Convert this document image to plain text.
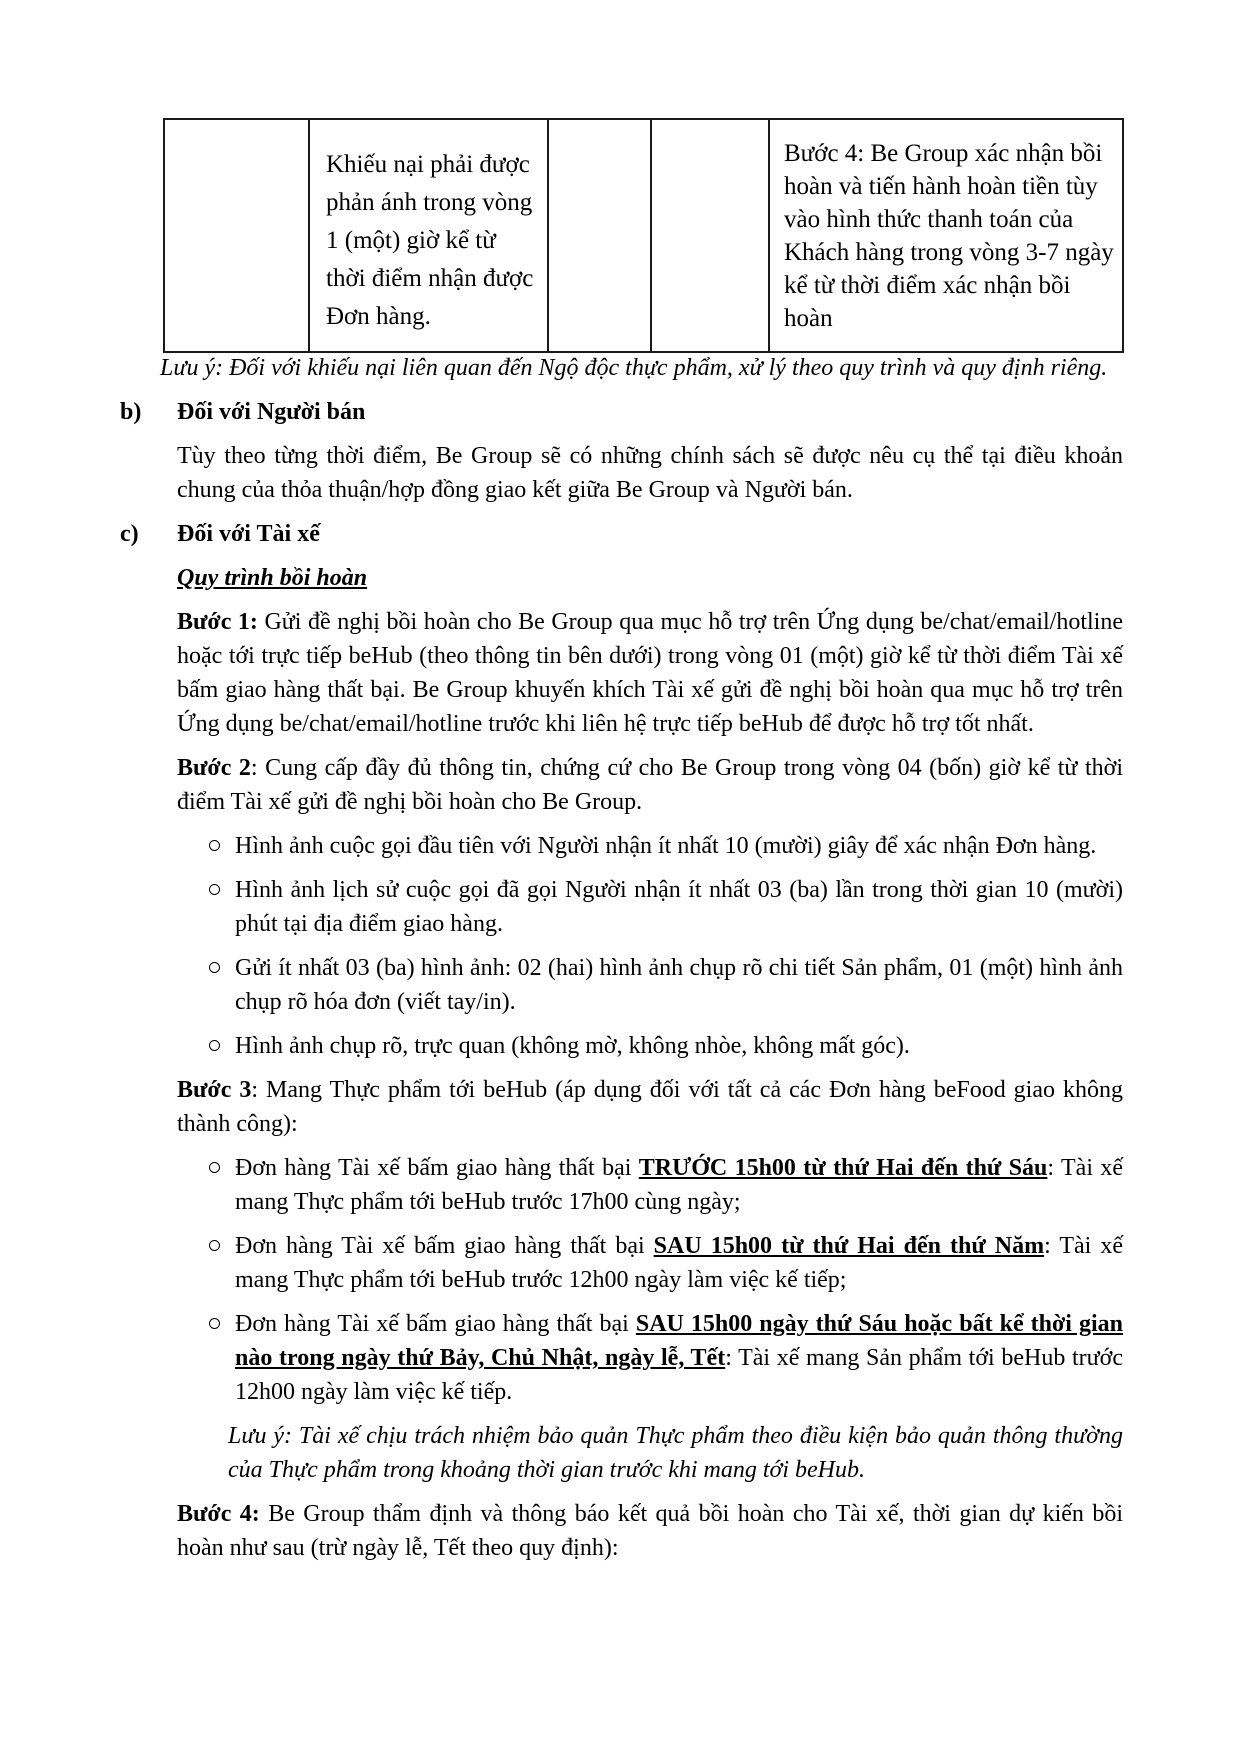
	Khiếu nại phải được phản ánh trong vòng 1 (một) giờ kể từ thời điểm nhận được Đơn hàng.			Bước 4: Be Group xác nhận bồi hoàn và tiến hành hoàn tiền tùy vào hình thức thanh toán của Khách hàng trong vòng 3-7 ngày kể từ thời điểm xác nhận bồi hoàn

Lưu ý: Đối với khiếu nại liên quan đến Ngộ độc thực phẩm, xử lý theo quy trình và quy định riêng.

b) Đối với Người bán

Tùy theo từng thời điểm, Be Group sẽ có những chính sách sẽ được nêu cụ thể tại điều khoản chung của thỏa thuận/hợp đồng giao kết giữa Be Group và Người bán.

c) Đối với Tài xế

Quy trình bồi hoàn

Bước 1: Gửi đề nghị bồi hoàn cho Be Group qua mục hỗ trợ trên Ứng dụng be/chat/email/hotline hoặc tới trực tiếp beHub (theo thông tin bên dưới) trong vòng 01 (một) giờ kể từ thời điểm Tài xế bấm giao hàng thất bại. Be Group khuyến khích Tài xế gửi đề nghị bồi hoàn qua mục hỗ trợ trên Ứng dụng be/chat/email/hotline trước khi liên hệ trực tiếp beHub để được hỗ trợ tốt nhất.

Bước 2: Cung cấp đầy đủ thông tin, chứng cứ cho Be Group trong vòng 04 (bốn) giờ kể từ thời điểm Tài xế gửi đề nghị bồi hoàn cho Be Group.

Hình ảnh cuộc gọi đầu tiên với Người nhận ít nhất 10 (mười) giây để xác nhận Đơn hàng.
Hình ảnh lịch sử cuộc gọi đã gọi Người nhận ít nhất 03 (ba) lần trong thời gian 10 (mười) phút tại địa điểm giao hàng.
Gửi ít nhất 03 (ba) hình ảnh: 02 (hai) hình ảnh chụp rõ chi tiết Sản phẩm, 01 (một) hình ảnh chụp rõ hóa đơn (viết tay/in).
Hình ảnh chụp rõ, trực quan (không mờ, không nhòe, không mất góc).

Bước 3: Mang Thực phẩm tới beHub (áp dụng đối với tất cả các Đơn hàng beFood giao không thành công):

Đơn hàng Tài xế bấm giao hàng thất bại TRƯỚC 15h00 từ thứ Hai đến thứ Sáu: Tài xế mang Thực phẩm tới beHub trước 17h00 cùng ngày;
Đơn hàng Tài xế bấm giao hàng thất bại SAU 15h00 từ thứ Hai đến thứ Năm: Tài xế mang Thực phẩm tới beHub trước 12h00 ngày làm việc kế tiếp;
Đơn hàng Tài xế bấm giao hàng thất bại SAU 15h00 ngày thứ Sáu hoặc bất kể thời gian nào trong ngày thứ Bảy, Chủ Nhật, ngày lễ, Tết: Tài xế mang Sản phẩm tới beHub trước 12h00 ngày làm việc kế tiếp.

Lưu ý: Tài xế chịu trách nhiệm bảo quản Thực phẩm theo điều kiện bảo quản thông thường của Thực phẩm trong khoảng thời gian trước khi mang tới beHub.

Bước 4: Be Group thẩm định và thông báo kết quả bồi hoàn cho Tài xế, thời gian dự kiến bồi hoàn như sau (trừ ngày lễ, Tết theo quy định):
